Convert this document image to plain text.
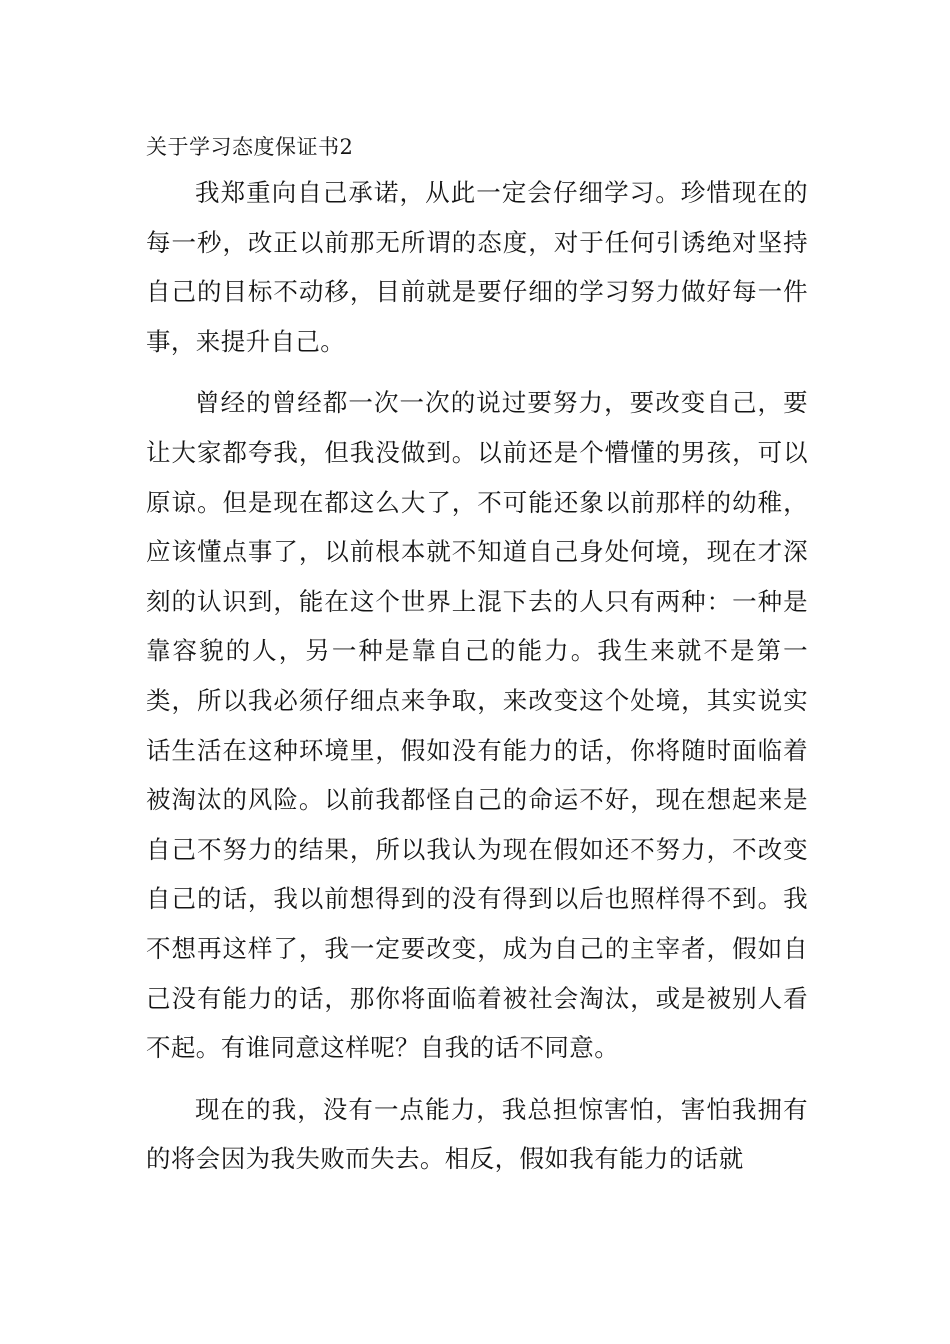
关于学习态度保证书2

我郑重向自己承诺，从此一定会仔细学习。珍惜现在的每一秒，改正以前那无所谓的态度，对于任何引诱绝对坚持自己的目标不动移，目前就是要仔细的学习努力做好每一件事，来提升自己。

曾经的曾经都一次一次的说过要努力，要改变自己，要让大家都夸我，但我没做到。以前还是个懵懂的男孩，可以原谅。但是现在都这么大了，不可能还象以前那样的幼稚，应该懂点事了，以前根本就不知道自己身处何境，现在才深刻的认识到，能在这个世界上混下去的人只有两种：一种是靠容貌的人，另一种是靠自己的能力。我生来就不是第一类，所以我必须仔细点来争取，来改变这个处境，其实说实话生活在这种环境里，假如没有能力的话，你将随时面临着被淘汰的风险。以前我都怪自己的命运不好，现在想起来是自己不努力的结果，所以我认为现在假如还不努力，不改变自己的话，我以前想得到的没有得到以后也照样得不到。我不想再这样了，我一定要改变，成为自己的主宰者，假如自己没有能力的话，那你将面临着被社会淘汰，或是被别人看不起。有谁同意这样呢？自我的话不同意。

现在的我，没有一点能力，我总担惊害怕，害怕我拥有的将会因为我失败而失去。相反，假如我有能力的话就
